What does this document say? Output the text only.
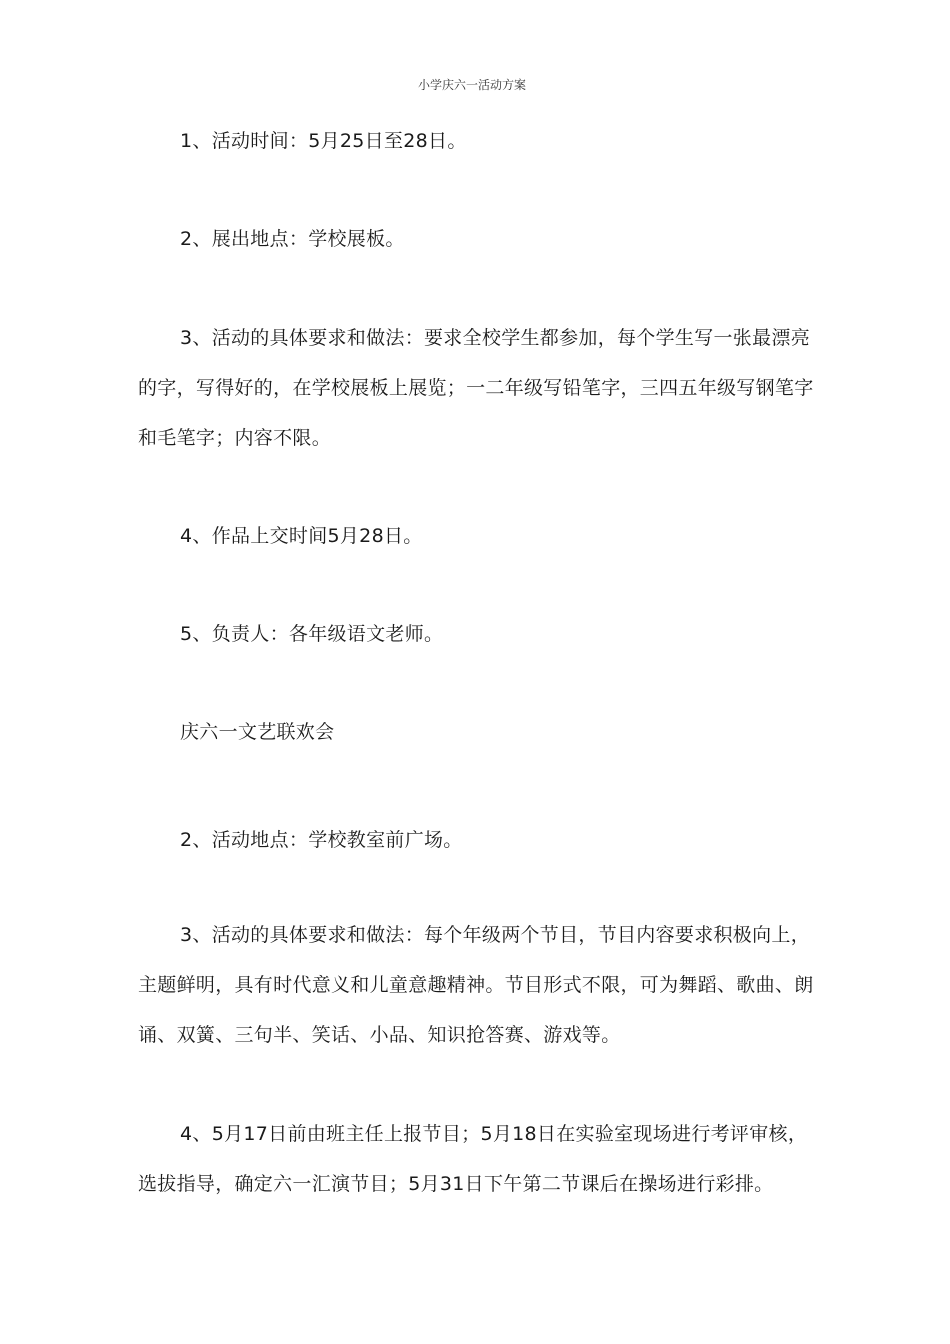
小学庆六一活动方案

1、活动时间：5月25日至28日。

2、展出地点：学校展板。

3、活动的具体要求和做法：要求全校学生都参加，每个学生写一张最漂亮的字，写得好的，在学校展板上展览；一二年级写铅笔字，三四五年级写钢笔字和毛笔字；内容不限。

4、作品上交时间5月28日。

5、负责人：各年级语文老师。

庆六一文艺联欢会

2、活动地点：学校教室前广场。

3、活动的具体要求和做法：每个年级两个节目，节目内容要求积极向上，主题鲜明，具有时代意义和儿童意趣精神。节目形式不限，可为舞蹈、歌曲、朗诵、双簧、三句半、笑话、小品、知识抢答赛、游戏等。

4、5月17日前由班主任上报节目；5月18日在实验室现场进行考评审核，选拔指导，确定六一汇演节目；5月31日下午第二节课后在操场进行彩排。
